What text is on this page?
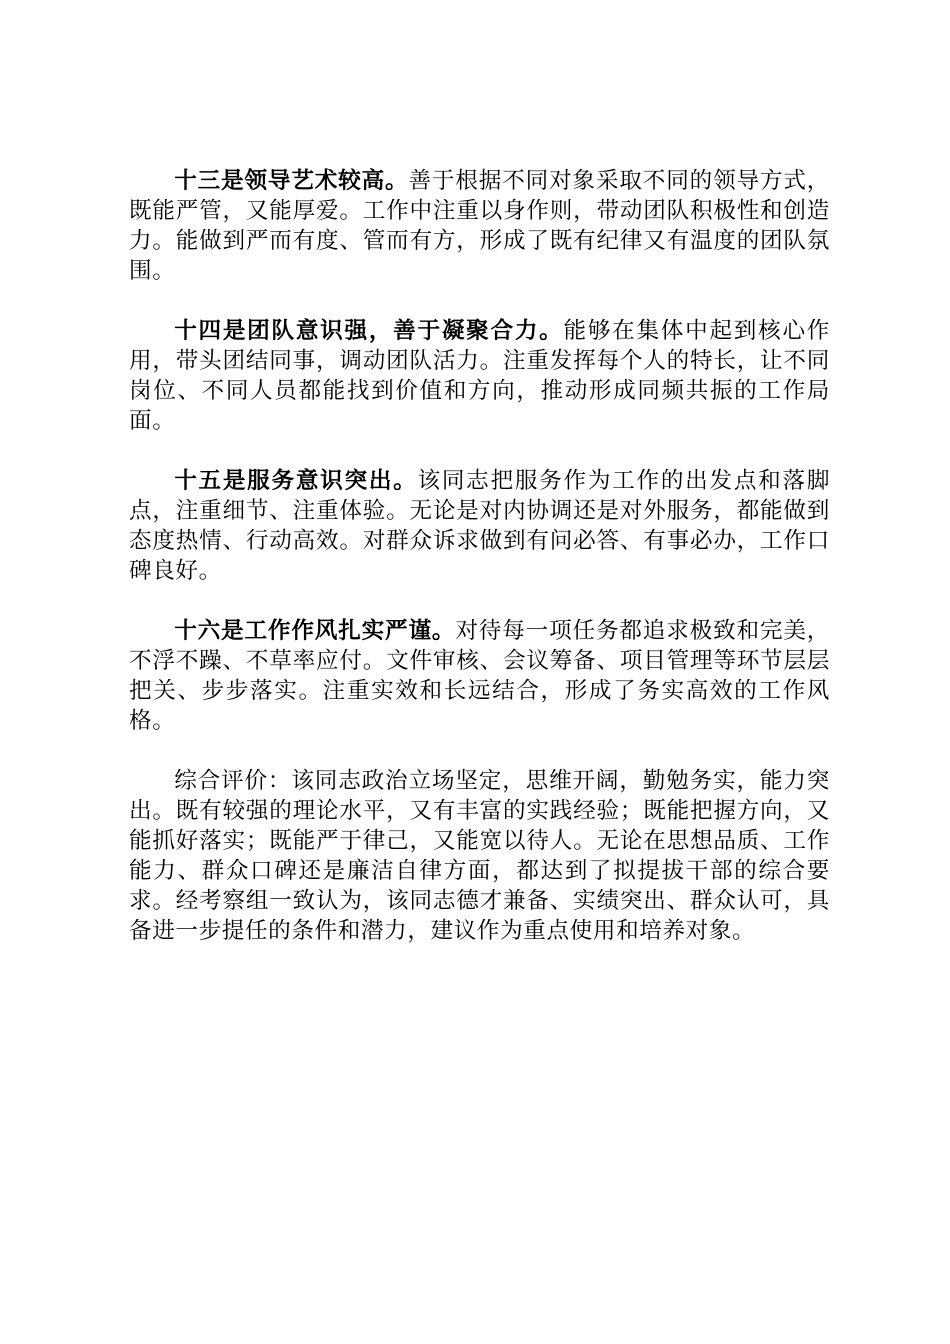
十三是领导艺术较高。善于根据不同对象采取不同的领导方式，既能严管，又能厚爱。工作中注重以身作则，带动团队积极性和创造力。能做到严而有度、管而有方，形成了既有纪律又有温度的团队氛围。

十四是团队意识强，善于凝聚合力。能够在集体中起到核心作用，带头团结同事，调动团队活力。注重发挥每个人的特长，让不同岗位、不同人员都能找到价值和方向，推动形成同频共振的工作局面。

十五是服务意识突出。该同志把服务作为工作的出发点和落脚点，注重细节、注重体验。无论是对内协调还是对外服务，都能做到态度热情、行动高效。对群众诉求做到有问必答、有事必办，工作口碑良好。

十六是工作作风扎实严谨。对待每一项任务都追求极致和完美，不浮不躁、不草率应付。文件审核、会议筹备、项目管理等环节层层把关、步步落实。注重实效和长远结合，形成了务实高效的工作风格。

综合评价：该同志政治立场坚定，思维开阔，勤勉务实，能力突出。既有较强的理论水平，又有丰富的实践经验；既能把握方向，又能抓好落实；既能严于律己，又能宽以待人。无论在思想品质、工作能力、群众口碑还是廉洁自律方面，都达到了拟提拔干部的综合要求。经考察组一致认为，该同志德才兼备、实绩突出、群众认可，具备进一步提任的条件和潜力，建议作为重点使用和培养对象。
